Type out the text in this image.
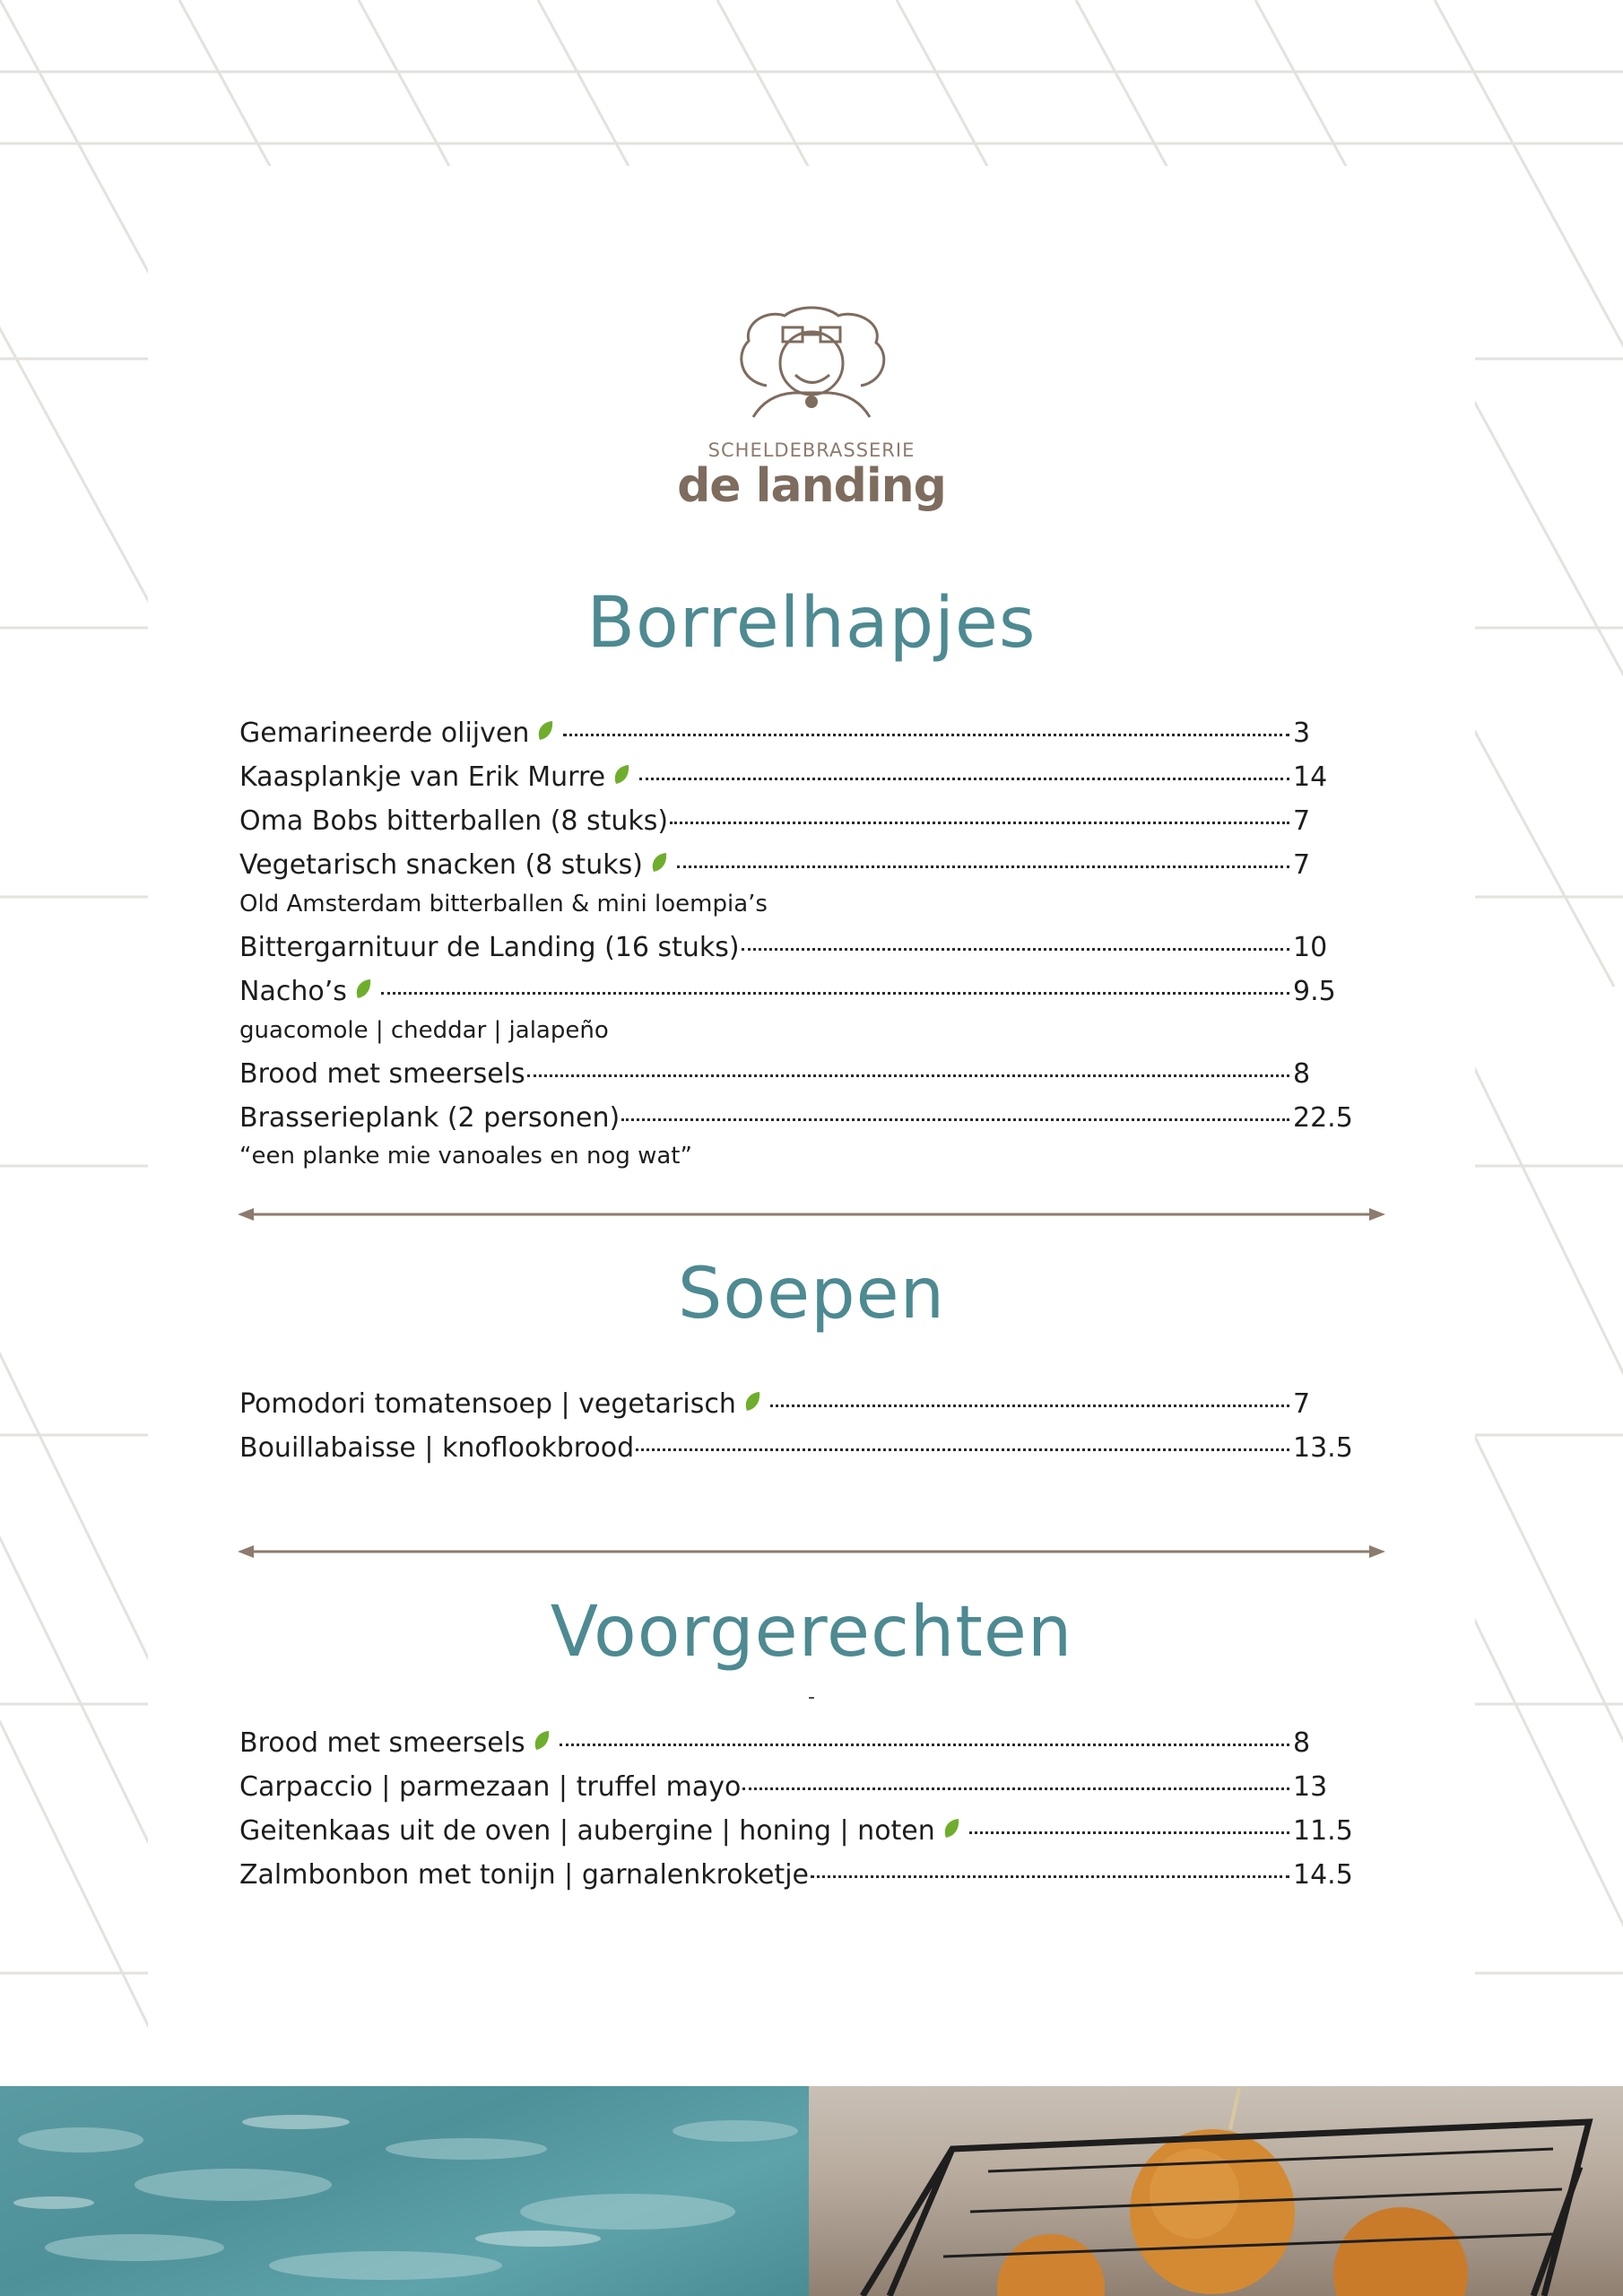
SCHELDEBRASSERIE
de landing
Borrelhapjes
Gemarineerde olijven	3
Kaasplankje van Erik Murre	14
Oma Bobs bitterballen (8 stuks)	7
Vegetarisch snacken (8 stuks)	7
Old Amsterdam bitterballen & mini loempia’s
Bittergarnituur de Landing (16 stuks)	10
Nacho’s	9.5
guacomole | cheddar | jalapeño
Brood met smeersels	8
Brasserieplank (2 personen)	22.5
“een planke mie vanoales en nog wat”
Soepen
Pomodori tomatensoep | vegetarisch	7
Bouillabaisse | knoflookbrood	13.5
Voorgerechten
-
Brood met smeersels	8
Carpaccio | parmezaan | truffel mayo	13
Geitenkaas uit de oven | aubergine | honing | noten	11.5
Zalmbonbon met tonijn | garnalenkroketje	14.5
